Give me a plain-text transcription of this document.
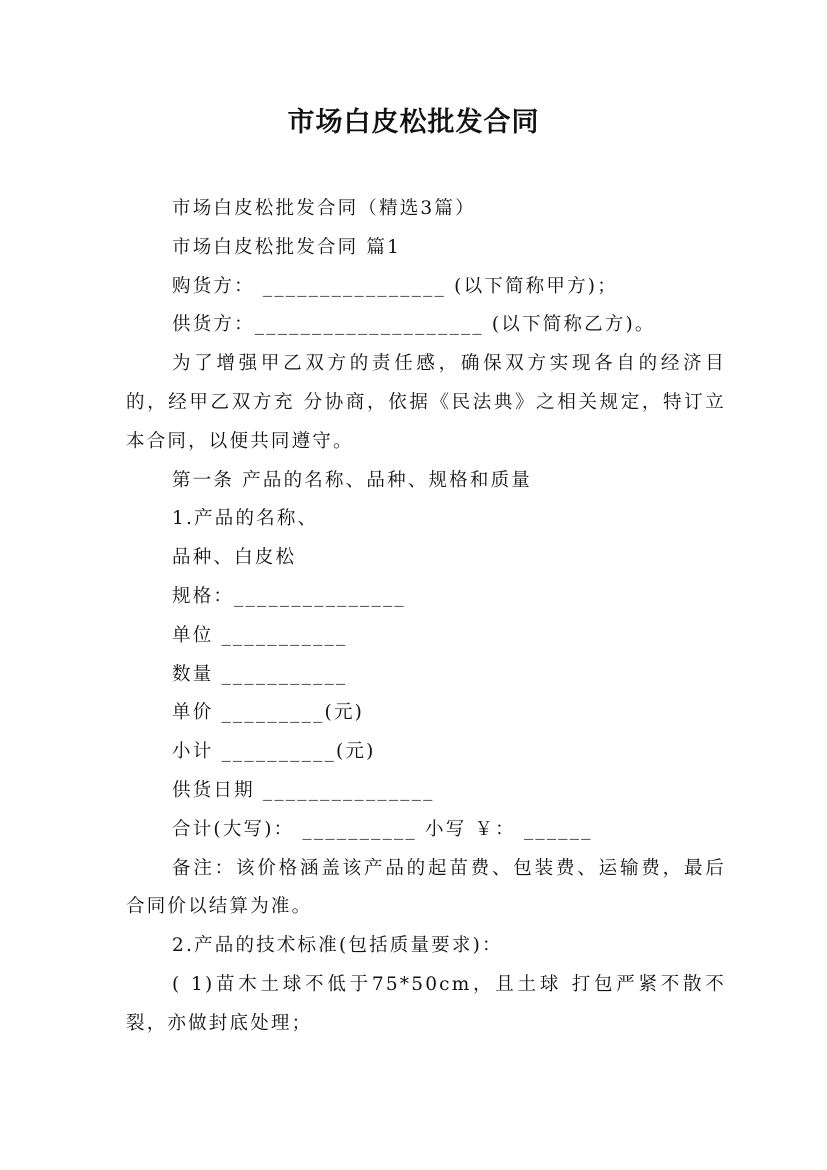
市场白皮松批发合同

市场白皮松批发合同（精选3篇）

市场白皮松批发合同 篇1

购货方： ________________ (以下简称甲方)；

供货方：____________________ (以下简称乙方)。

为了增强甲乙双方的责任感，确保双方实现各自的经济目的，经甲乙双方充 分协商，依据《民法典》之相关规定，特订立本合同，以便共同遵守。

第一条 产品的名称、品种、规格和质量

1.产品的名称、

品种、白皮松

规格：_______________

单位 ___________

数量 ___________

单价 _________(元)

小计 __________(元)

供货日期 _______________

合计(大写)： __________ 小写 ￥： ______

备注：该价格涵盖该产品的起苗费、包装费、运输费，最后合同价以结算为准。

2.产品的技术标准(包括质量要求)：

( 1)苗木土球不低于75*50cm，且土球 打包严紧不散不裂，亦做封底处理；
